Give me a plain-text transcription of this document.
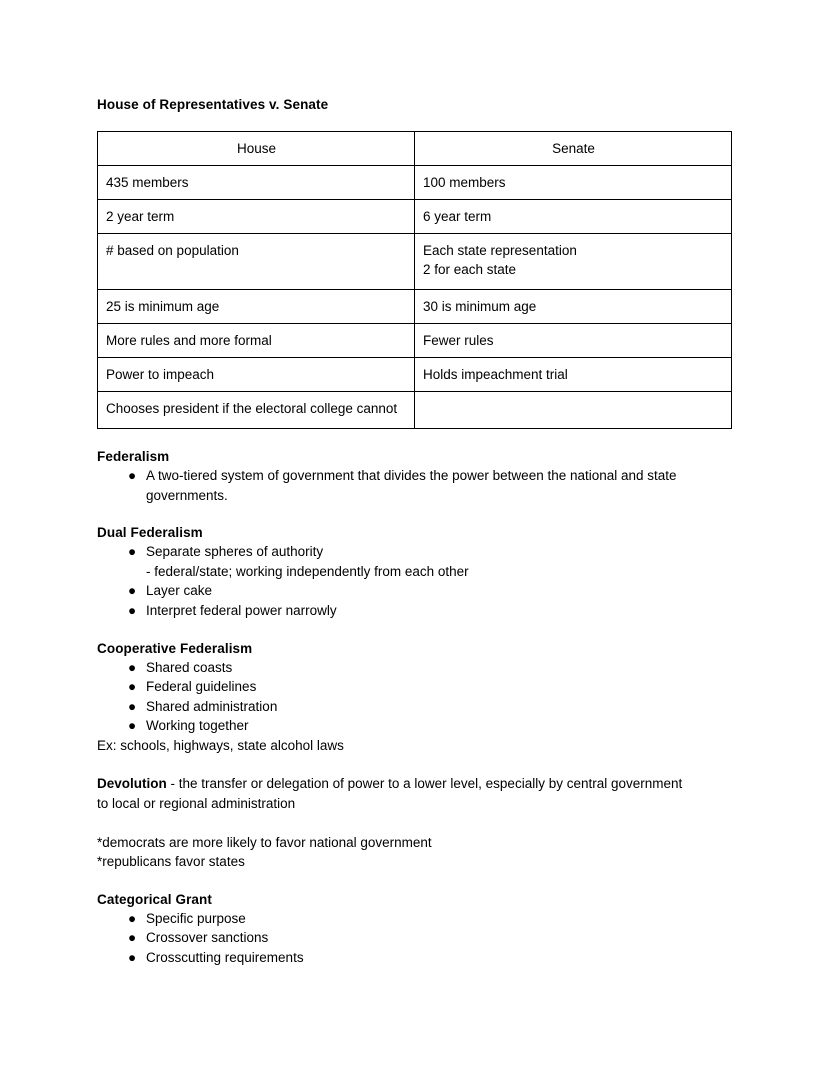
House of Representatives v. Senate
House	Senate

435 members	100 members

2 year term	6 year term

# based on population	Each state representation
2 for each state

25 is minimum age	30 is minimum age

More rules and more formal	Fewer rules

Power to impeach	Holds impeachment trial

Chooses president if the electoral college cannot	

Federalism
● A two-tiered system of government that divides the power between the national and state governments.
Dual Federalism
● Separate spheres of authority
- federal/state; working independently from each other
● Layer cake
● Interpret federal power narrowly
Cooperative Federalism
● Shared coasts
● Federal guidelines
● Shared administration
● Working together

Ex: schools, highways, state alcohol laws

Devolution - the transfer or delegation of power to a lower level, especially by central government to local or regional administration

*democrats are more likely to favor national government

*republicans favor states

Categorical Grant
● Specific purpose
● Crossover sanctions
● Crosscutting requirements
